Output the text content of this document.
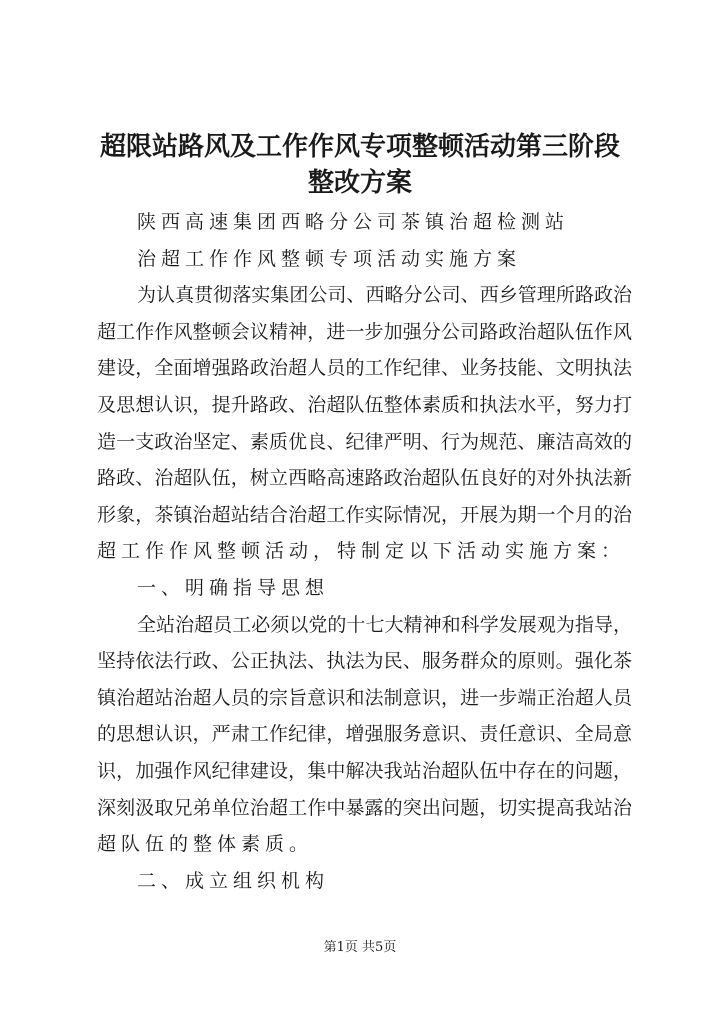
超限站路风及工作作风专项整顿活动第三阶段
整改方案
陕西高速集团西略分公司茶镇治超检测站
治超工作作风整顿专项活动实施方案
为认真贯彻落实集团公司、西略分公司、西乡管理所路政治
超工作作风整顿会议精神，进一步加强分公司路政治超队伍作风
建设，全面增强路政治超人员的工作纪律、业务技能、文明执法
及思想认识，提升路政、治超队伍整体素质和执法水平，努力打
造一支政治坚定、素质优良、纪律严明、行为规范、廉洁高效的
路政、治超队伍，树立西略高速路政治超队伍良好的对外执法新
形象，茶镇治超站结合治超工作实际情况，开展为期一个月的治
超工作作风整顿活动，特制定以下活动实施方案：
一、明确指导思想
全站治超员工必须以党的十七大精神和科学发展观为指导，
坚持依法行政、公正执法、执法为民、服务群众的原则。强化茶
镇治超站治超人员的宗旨意识和法制意识，进一步端正治超人员
的思想认识，严肃工作纪律，增强服务意识、责任意识、全局意
识，加强作风纪律建设，集中解决我站治超队伍中存在的问题，
深刻汲取兄弟单位治超工作中暴露的突出问题，切实提高我站治
超队伍的整体素质。
二、成立组织机构
第1页 共5页
